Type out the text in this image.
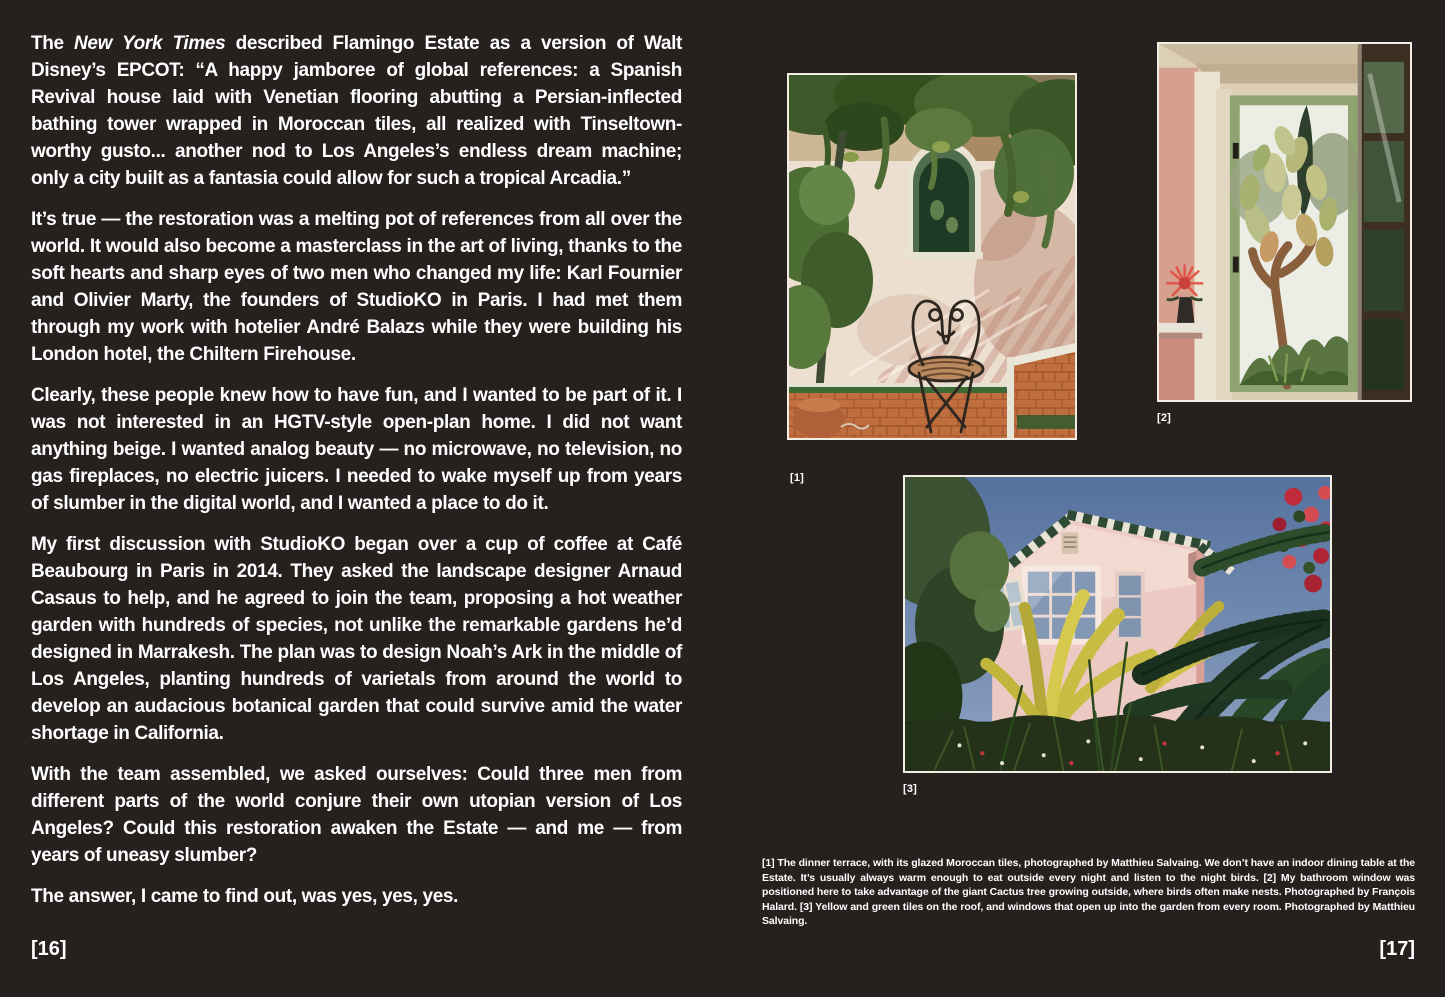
The New York Times described Flamingo Estate as a version of Walt Disney’s EPCOT: “A happy jamboree of global references: a Spanish Revival house laid with Venetian flooring abutting a Persian-inflected bathing tower wrapped in Moroccan tiles, all realized with Tinseltown-worthy gusto... another nod to Los Angeles’s endless dream machine; only a city built as a fantasia could allow for such a tropical Arcadia.”

It’s true — the restoration was a melting pot of references from all over the world. It would also become a masterclass in the art of living, thanks to the soft hearts and sharp eyes of two men who changed my life: Karl Fournier and Olivier Marty, the founders of StudioKO in Paris. I had met them through my work with hotelier André Balazs while they were building his London hotel, the Chiltern Firehouse.

Clearly, these people knew how to have fun, and I wanted to be part of it. I was not interested in an HGTV-style open-plan home. I did not want anything beige. I wanted analog beauty — no microwave, no television, no gas fireplaces, no electric juicers. I needed to wake myself up from years of slumber in the digital world, and I wanted a place to do it.

My first discussion with StudioKO began over a cup of coffee at Café Beaubourg in Paris in 2014. They asked the landscape designer Arnaud Casaus to help, and he agreed to join the team, proposing a hot weather garden with hundreds of species, not unlike the remarkable gardens he’d designed in Marrakesh. The plan was to design Noah’s Ark in the middle of Los Angeles, planting hundreds of varietals from around the world to develop an audacious botanical garden that could survive amid the water shortage in California.

With the team assembled, we asked ourselves: Could three men from different parts of the world conjure their own utopian version of Los Angeles? Could this restoration awaken the Estate — and me — from years of uneasy slumber?

The answer, I came to find out, was yes, yes, yes.

[1]
[2]
[3]
[1] The dinner terrace, with its glazed Moroccan tiles, photographed by Matthieu Salvaing. We don’t have an indoor dining table at the Estate. It’s usually always warm enough to eat outside every night and listen to the night birds. [2] My bathroom window was positioned here to take advantage of the giant Cactus tree growing outside, where birds often make nests. Photographed by François Halard. [3] Yellow and green tiles on the roof, and windows that open up into the garden from every room. Photographed by Matthieu Salvaing.
[16]	[17]
